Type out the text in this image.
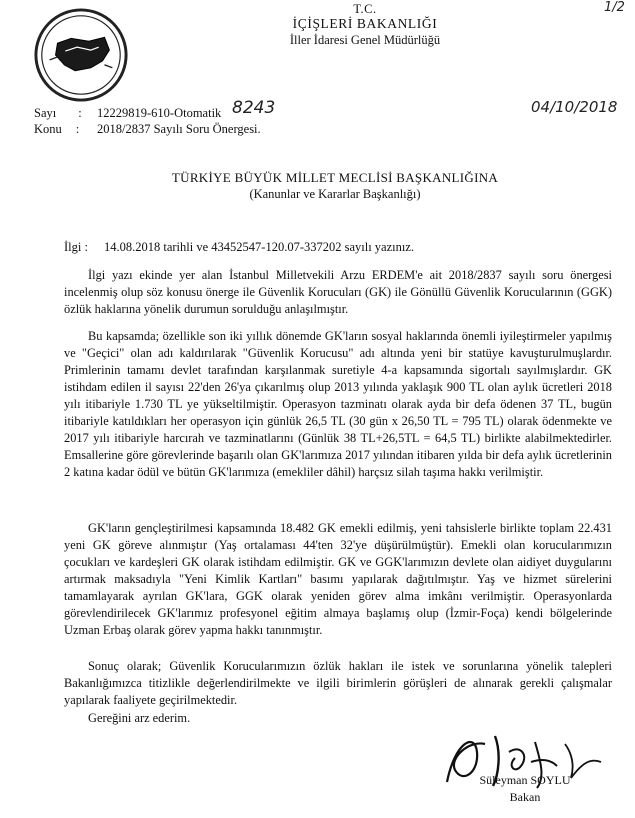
1/2
T.C.
İÇİŞLERİ BAKANLIĞI
İller İdaresi Genel Müdürlüğü
Sayı : 12229819-610-Otomatik 8243	04/10/2018
Konu : 2018/2837 Sayılı Soru Önergesi.
TÜRKİYE BÜYÜK MİLLET MECLİSİ BAŞKANLIĞINA
(Kanunlar ve Kararlar Başkanlığı)
İlgi : 14.08.2018 tarihli ve 43452547-120.07-337202 sayılı yazınız.
İlgi yazı ekinde yer alan İstanbul Milletvekili Arzu ERDEM'e ait 2018/2837 sayılı soru önergesi incelenmiş olup söz konusu önerge ile Güvenlik Korucuları (GK) ile Gönüllü Güvenlik Korucularının (GGK) özlük haklarına yönelik durumun sorulduğu anlaşılmıştır.
Bu kapsamda; özellikle son iki yıllık dönemde GK'ların sosyal haklarında önemli iyileştirmeler yapılmış ve "Geçici" olan adı kaldırılarak "Güvenlik Korucusu" adı altında yeni bir statüye kavuşturulmuşlardır. Primlerinin tamamı devlet tarafından karşılanmak suretiyle 4-a kapsamında sigortalı sayılmışlardır. GK istihdam edilen il sayısı 22'den 26'ya çıkarılmış olup 2013 yılında yaklaşık 900 TL olan aylık ücretleri 2018 yılı itibariyle 1.730 TL ye yükseltilmiştir. Operasyon tazminatı olarak ayda bir defa ödenen 37 TL, bugün itibariyle katıldıkları her operasyon için günlük 26,5 TL (30 gün x 26,50 TL = 795 TL) olarak ödenmekte ve 2017 yılı itibariyle harcırah ve tazminatlarını (Günlük 38 TL+26,5TL = 64,5 TL) birlikte alabilmektedirler. Emsallerine göre görevlerinde başarılı olan GK'larımıza 2017 yılından itibaren yılda bir defa aylık ücretlerinin 2 katına kadar ödül ve bütün GK'larımıza (emekliler dâhil) harçsız silah taşıma hakkı verilmiştir.
GK'ların gençleştirilmesi kapsamında 18.482 GK emekli edilmiş, yeni tahsislerle birlikte toplam 22.431 yeni GK göreve alınmıştır (Yaş ortalaması 44'ten 32'ye düşürülmüştür). Emekli olan korucularımızın çocukları ve kardeşleri GK olarak istihdam edilmiştir. GK ve GGK'larımızın devlete olan aidiyet duygularını artırmak maksadıyla "Yeni Kimlik Kartları" basımı yapılarak dağıtılmıştır. Yaş ve hizmet sürelerini tamamlayarak ayrılan GK'lara, GGK olarak yeniden görev alma imkânı verilmiştir. Operasyonlarda görevlendirilecek GK'larımız profesyonel eğitim almaya başlamış olup (İzmir-Foça) kendi bölgelerinde Uzman Erbaş olarak görev yapma hakkı tanınmıştır.
Sonuç olarak; Güvenlik Korucularımızın özlük hakları ile istek ve sorunlarına yönelik talepleri Bakanlığımızca titizlikle değerlendirilmekte ve ilgili birimlerin görüşleri de alınarak gerekli çalışmalar yapılarak faaliyete geçirilmektedir.
Gereğini arz ederim.
Süleyman SOYLU
Bakan
